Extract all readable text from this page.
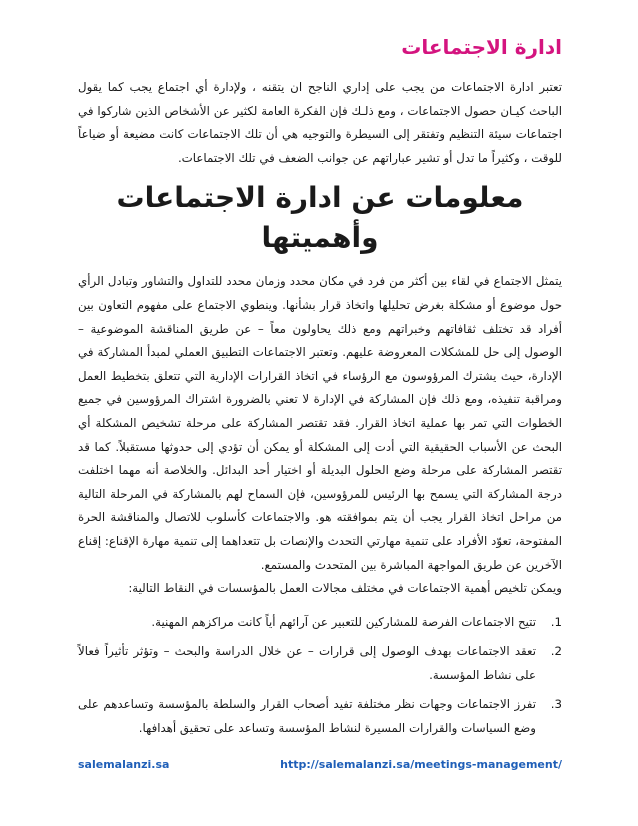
ادارة الاجتماعات

تعتبر ادارة الاجتماعات من يجب على إداري الناجح ان يتقنه ، ولإدارة أي اجتماع يجب كما يقول الباحث كيـان حصول الاجتماعات ، ومع ذلـك فإن الفكرة العامة لكثير عن الأشخاص الذين شاركوا في اجتماعات سيئة التنظيم وتفتقر إلى السيطرة والتوجيه هي أن تلك الاجتماعات كانت مضيعة أو ضياعاً للوقت ، وكثيراً ما تدل أو تشير عباراتهم عن جوانب الضعف في تلك الاجتماعات.

معلومات عن ادارة الاجتماعات وأهميتها

يتمثل الاجتماع في لقاء بين أكثر من فرد في مكان محدد وزمان محدد للتداول والتشاور وتبادل الرأي حول موضوع أو مشكلة بغرض تحليلها واتخاذ قرار بشأنها. وينطوي الاجتماع على مفهوم التعاون بين أفراد قد تختلف ثقافاتهم وخبراتهم ومع ذلك يحاولون معاً – عن طريق المناقشة الموضوعية – الوصول إلى حل للمشكلات المعروضة عليهم. وتعتبر الاجتماعات التطبيق العملي لمبدأ المشاركة في الإدارة، حيث يشترك المرؤوسون مع الرؤساء في اتخاذ القرارات الإدارية التي تتعلق بتخطيط العمل ومراقبة تنفيذه، ومع ذلك فإن المشاركة في الإدارة لا تعني بالضرورة اشتراك المرؤوسين في جميع الخطوات التي تمر بها عملية اتخاذ القرار. فقد تقتصر المشاركة على مرحلة تشخيص المشكلة أي البحث عن الأسباب الحقيقية التي أدت إلى المشكلة أو يمكن أن تؤدي إلى حدوثها مستقبلاً. كما قد تقتصر المشاركة على مرحلة وضع الحلول البديلة أو اختيار أحد البدائل. والخلاصة أنه مهما اختلفت درجة المشاركة التي يسمح بها الرئيس للمرؤوسين، فإن السماح لهم بالمشاركة في المرحلة التالية من مراحل اتخاذ القرار يجب أن يتم بموافقته هو. والاجتماعات كأسلوب للاتصال والمناقشة الحرة المفتوحة، تعوّد الأفراد على تنمية مهارتي التحدث والإنصات بل تتعداهما إلى تنمية مهارة الإقناع: إقناع الآخرين عن طريق المواجهة المباشرة بين المتحدث والمستمع.

ويمكن تلخيص أهمية الاجتماعات في مختلف مجالات العمل بالمؤسسات في النقاط التالية:

1.
تتيح الاجتماعات الفرصة للمشاركين للتعبير عن آرائهم أياً كانت مراكزهم المهنية.
2.
تعقد الاجتماعات بهدف الوصول إلى قرارات – عن خلال الدراسة والبحث – وتؤثر تأثيراً فعالاً على نشاط المؤسسة.
3.
تفرز الاجتماعات وجهات نظر مختلفة تفيد أصحاب القرار والسلطة بالمؤسسة وتساعدهم على وضع السياسات والقرارات المسيرة لنشاط المؤسسة وتساعد على تحقيق أهدافها.
salemalanzi.sa	http://salemalanzi.sa/meetings-management/
